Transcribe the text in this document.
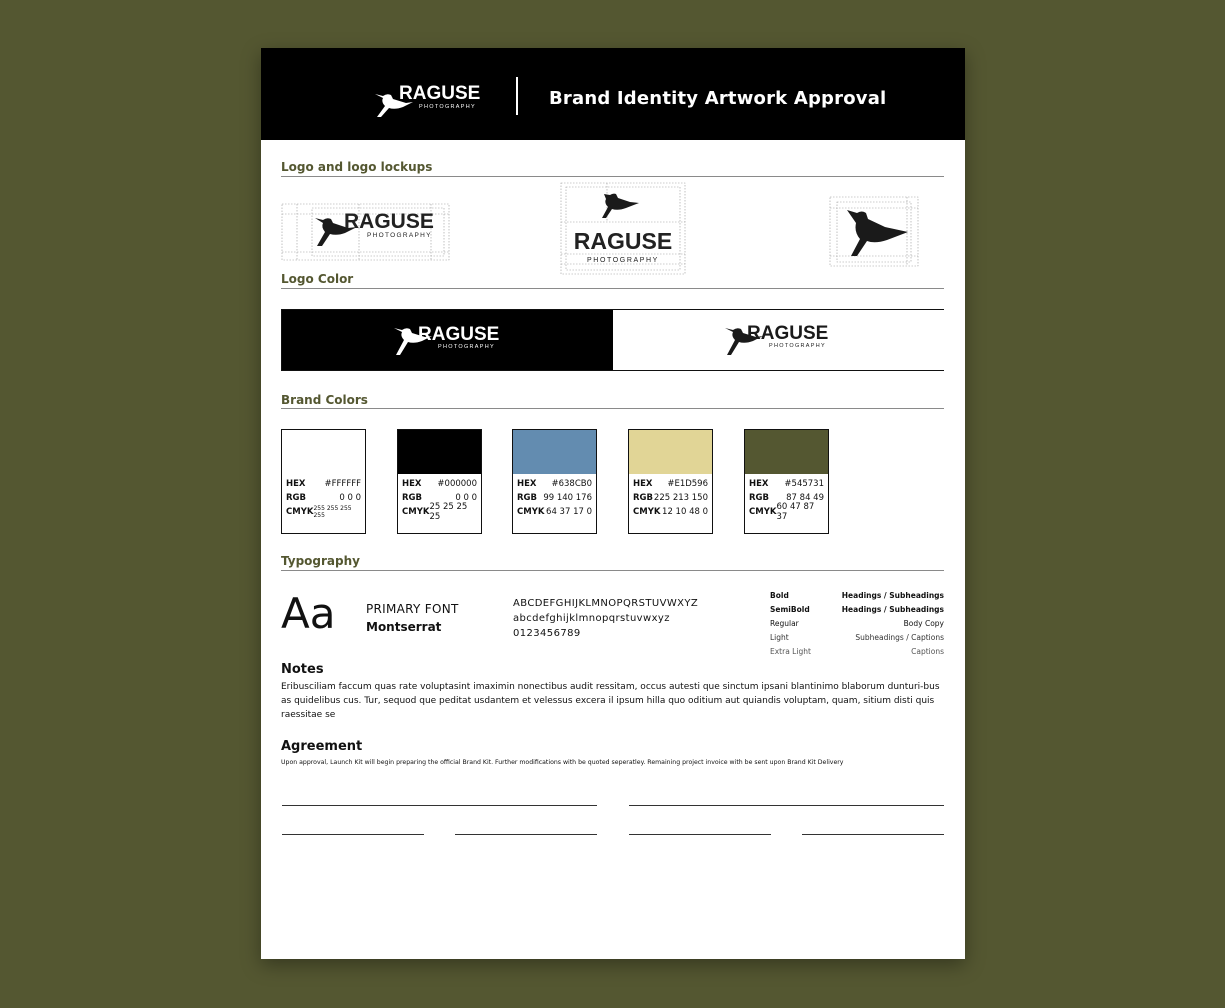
RAGUSE
PHOTOGRAPHY	Brand Identity Artwork Approval
Logo and logo lockups
RAGUSE
PHOTOGRAPHY	RAGUSE
PHOTOGRAPHY
Logo Color
RAGUSE
PHOTOGRAPHY
RAGUSE
PHOTOGRAPHY
Brand Colors
HEX #FFFFFF
RGB	0 0 0
CMYK 255 255 255 255
HEX #000000
RGB	0 0 0
CMYK 25 25 25 25
HEX #638CB0
RGB 99 140 176
CMYK 64 37 17 0
HEX #E1D596
RGB 225 213 150
CMYK 12 10 48 0
HEX #545731
RGB 87 84 49
CMYK 60 47 87 37
Typography
Aa	PRIMARY FONT
Montserrat
ABCDEFGHIJKLMNOPQRSTUVWXYZ
abcdefghijklmnopqrstuvwxyz
0123456789
Bold	Headings / Subheadings
SemiBold	Headings / Subheadings
Regular	Body Copy
Light	Subheadings / Captions
Extra Light	Captions
Notes
Eribusciliam faccum quas rate voluptasint imaximin nonectibus audit ressitam, occus autesti que sinctum ipsani blantinimo blaborum dunturi-bus as quidelibus cus. Tur, sequod que peditat usdantem et velessus excera il ipsum hilla quo oditium aut quiandis voluptam, quam, sitium disti quis raessitae se
Agreement
Upon approval, Launch Kit will begin preparing the official Brand Kit. Further modifications with be quoted seperatley. Remaining project invoice with be sent upon Brand Kit Delivery
